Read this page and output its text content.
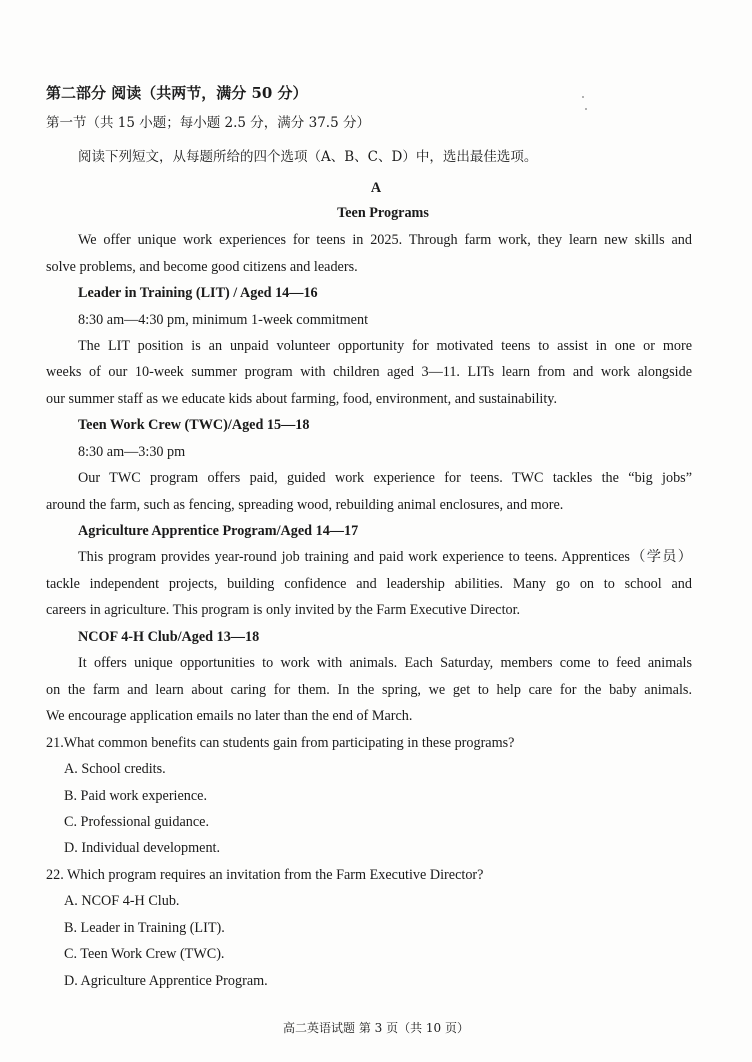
第二部分 阅读（共两节，满分 50 分）
第一节（共 15 小题；每小题 2.5 分，满分 37.5 分）
阅读下列短文，从每题所给的四个选项（A、B、C、D）中，选出最佳选项。
A
Teen Programs
We offer unique work experiences for teens in 2025. Through farm work, they learn new skills and
solve problems, and become good citizens and leaders.
Leader in Training (LIT) / Aged 14—16
8:30 am—4:30 pm, minimum 1-week commitment
The LIT position is an unpaid volunteer opportunity for motivated teens to assist in one or more
weeks of our 10-week summer program with children aged 3—11. LITs learn from and work alongside
our summer staff as we educate kids about farming, food, environment, and sustainability.
Teen Work Crew (TWC)/Aged 15—18
8:30 am—3:30 pm
Our TWC program offers paid, guided work experience for teens. TWC tackles the “big jobs”
around the farm, such as fencing, spreading wood, rebuilding animal enclosures, and more.
Agriculture Apprentice Program/Aged 14—17
This program provides year-round job training and paid work experience to teens. Apprentices（学员）
tackle independent projects, building confidence and leadership abilities. Many go on to school and
careers in agriculture. This program is only invited by the Farm Executive Director.
NCOF 4-H Club/Aged 13—18
It offers unique opportunities to work with animals. Each Saturday, members come to feed animals
on the farm and learn about caring for them. In the spring, we get to help care for the baby animals.
We encourage application emails no later than the end of March.
21.What common benefits can students gain from participating in these programs?
A. School credits.
B. Paid work experience.
C. Professional guidance.
D. Individual development.
22. Which program requires an invitation from the Farm Executive Director?
A. NCOF 4-H Club.
B. Leader in Training (LIT).
C. Teen Work Crew (TWC).
D. Agriculture Apprentice Program.
高二英语试题 第 3 页（共 10 页）
